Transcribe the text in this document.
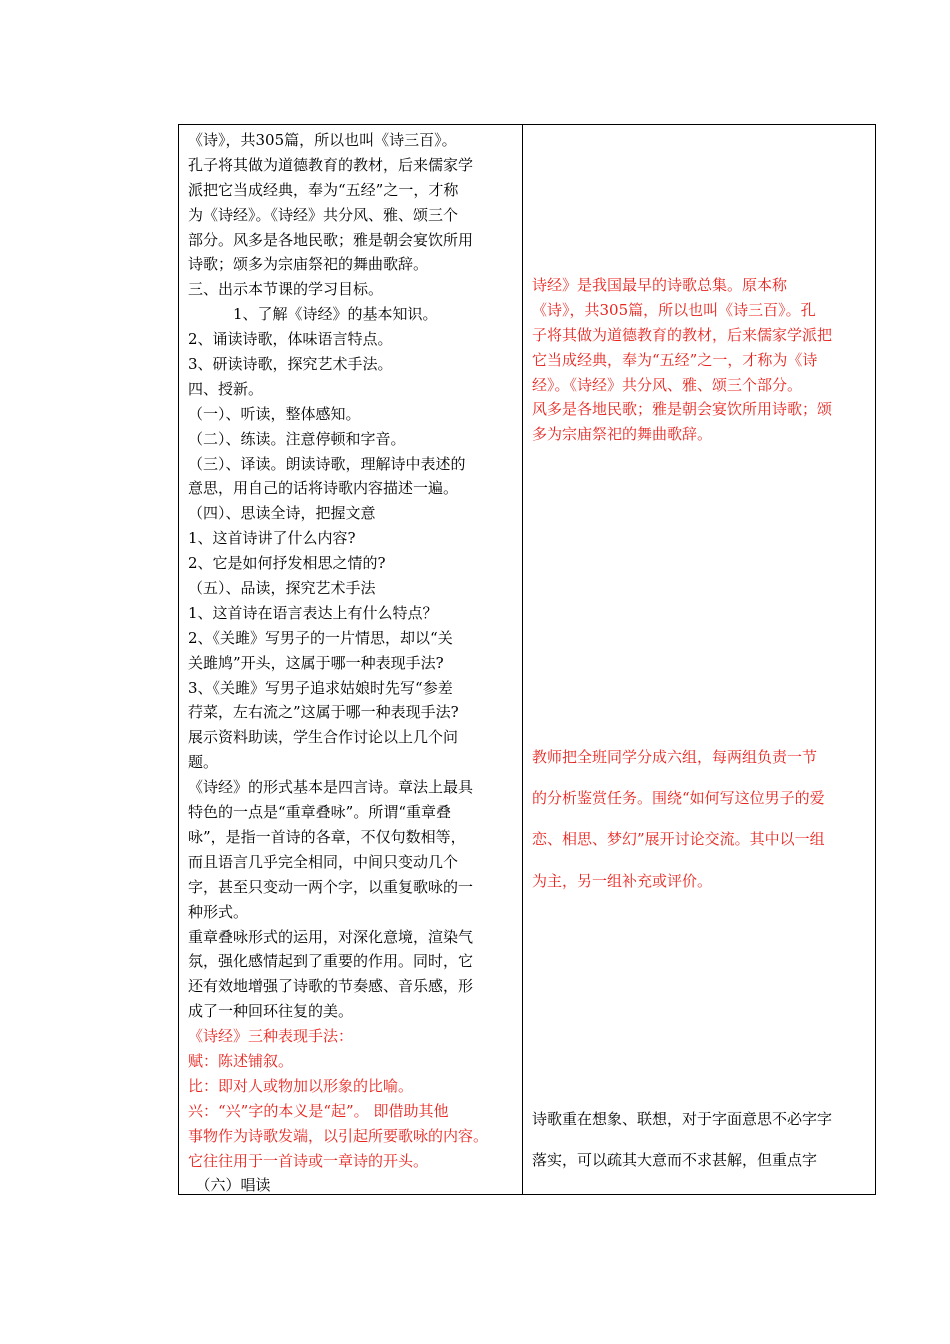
《诗》，共305篇，所以也叫《诗三百》。
孔子将其做为道德教育的教材，后来儒家学
派把它当成经典，奉为“五经”之一，才称
为《诗经》。《诗经》共分风、雅、颂三个
部分。风多是各地民歌；雅是朝会宴饮所用
诗歌；颂多为宗庙祭祀的舞曲歌辞。
三、出示本节课的学习目标。
　　　1、了解《诗经》的基本知识。
2、诵读诗歌，体味语言特点。
3、研读诗歌，探究艺术手法。
四、授新。
（一）、听读，整体感知。
（二）、练读。注意停顿和字音。
（三）、译读。朗读诗歌，理解诗中表述的
意思，用自己的话将诗歌内容描述一遍。
（四）、思读全诗，把握文意
1、这首诗讲了什么内容?
2、它是如何抒发相思之情的?
（五）、品读，探究艺术手法
1、这首诗在语言表达上有什么特点？
2、《关雎》写男子的一片情思，却以“关
关雎鸠”开头，这属于哪一种表现手法?
3、《关雎》写男子追求姑娘时先写“参差
荇菜，左右流之”这属于哪一种表现手法?
展示资料助读，学生合作讨论以上几个问
题。
《诗经》的形式基本是四言诗。章法上最具
特色的一点是“重章叠咏”。所谓“重章叠
咏”，是指一首诗的各章，不仅句数相等，
而且语言几乎完全相同，中间只变动几个
字，甚至只变动一两个字，以重复歌咏的一
种形式。
重章叠咏形式的运用，对深化意境，渲染气
氛，强化感情起到了重要的作用。同时，它
还有效地增强了诗歌的节奏感、音乐感，形
成了一种回环往复的美。
《诗经》三种表现手法：
赋：陈述铺叙。
比：即对人或物加以形象的比喻。
兴：“兴”字的本义是“起”。 即借助其他
事物作为诗歌发端，以引起所要歌咏的内容。
它往往用于一首诗或一章诗的开头。
　（六）唱读
诗经》是我国最早的诗歌总集。原本称
《诗》，共305篇，所以也叫《诗三百》。孔
子将其做为道德教育的教材，后来儒家学派把
它当成经典，奉为“五经”之一，才称为《诗
经》。《诗经》共分风、雅、颂三个部分。
风多是各地民歌；雅是朝会宴饮所用诗歌；颂
多为宗庙祭祀的舞曲歌辞。
教师把全班同学分成六组，每两组负责一节
的分析鉴赏任务。围绕“如何写这位男子的爱
恋、相思、梦幻”展开讨论交流。其中以一组
为主，另一组补充或评价。
诗歌重在想象、联想，对于字面意思不必字字
落实，可以疏其大意而不求甚解，但重点字
